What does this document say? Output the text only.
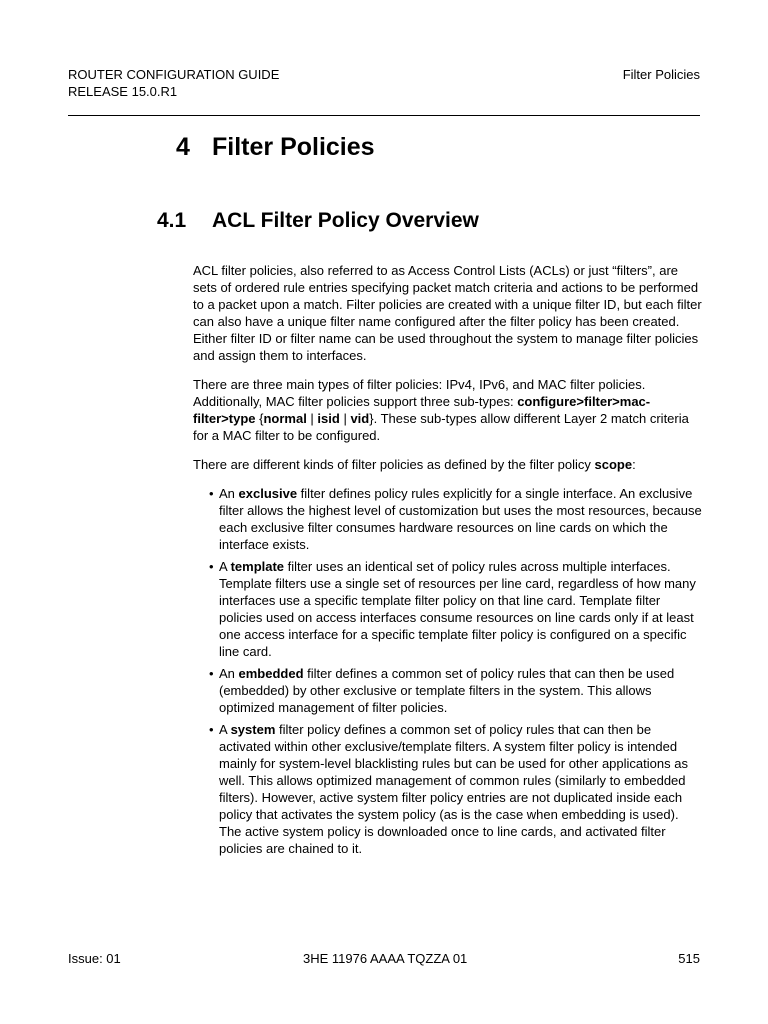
ROUTER CONFIGURATION GUIDE
RELEASE 15.0.R1
Filter Policies
4 Filter Policies
4.1 ACL Filter Policy Overview

ACL filter policies, also referred to as Access Control Lists (ACLs) or just “filters”, are sets of ordered rule entries specifying packet match criteria and actions to be performed to a packet upon a match. Filter policies are created with a unique filter ID, but each filter can also have a unique filter name configured after the filter policy has been created. Either filter ID or filter name can be used throughout the system to manage filter policies and assign them to interfaces.

There are three main types of filter policies: IPv4, IPv6, and MAC filter policies. Additionally, MAC filter policies support three sub-types: configure>filter>mac-filter>type {normal | isid | vid}. These sub-types allow different Layer 2 match criteria for a MAC filter to be configured.

There are different kinds of filter policies as defined by the filter policy scope:

• An exclusive filter defines policy rules explicitly for a single interface. An exclusive filter allows the highest level of customization but uses the most resources, because each exclusive filter consumes hardware resources on line cards on which the interface exists.
• A template filter uses an identical set of policy rules across multiple interfaces. Template filters use a single set of resources per line card, regardless of how many interfaces use a specific template filter policy on that line card. Template filter policies used on access interfaces consume resources on line cards only if at least one access interface for a specific template filter policy is configured on a specific line card.
• An embedded filter defines a common set of policy rules that can then be used (embedded) by other exclusive or template filters in the system. This allows optimized management of filter policies.
• A system filter policy defines a common set of policy rules that can then be activated within other exclusive/template filters. A system filter policy is intended mainly for system-level blacklisting rules but can be used for other applications as well. This allows optimized management of common rules (similarly to embedded filters). However, active system filter policy entries are not duplicated inside each policy that activates the system policy (as is the case when embedding is used). The active system policy is downloaded once to line cards, and activated filter policies are chained to it.
Issue: 01	3HE 11976 AAAA TQZZA 01	515
